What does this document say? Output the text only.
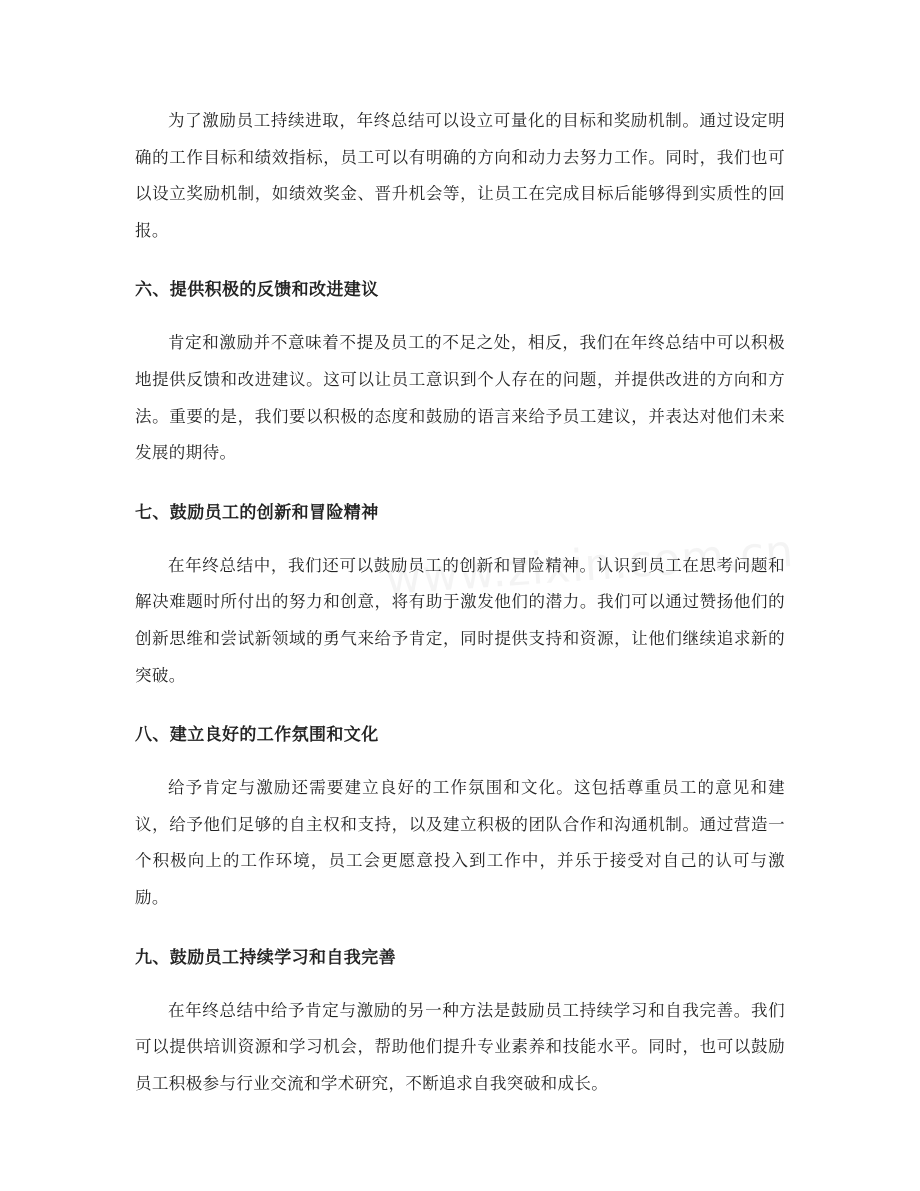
为了激励员工持续进取，年终总结可以设立可量化的目标和奖励机制。通过设定明确的工作目标和绩效指标，员工可以有明确的方向和动力去努力工作。同时，我们也可以设立奖励机制，如绩效奖金、晋升机会等，让员工在完成目标后能够得到实质性的回报。

六、提供积极的反馈和改进建议

肯定和激励并不意味着不提及员工的不足之处，相反，我们在年终总结中可以积极地提供反馈和改进建议。这可以让员工意识到个人存在的问题，并提供改进的方向和方法。重要的是，我们要以积极的态度和鼓励的语言来给予员工建议，并表达对他们未来发展的期待。

七、鼓励员工的创新和冒险精神

在年终总结中，我们还可以鼓励员工的创新和冒险精神。认识到员工在思考问题和解决难题时所付出的努力和创意，将有助于激发他们的潜力。我们可以通过赞扬他们的创新思维和尝试新领域的勇气来给予肯定，同时提供支持和资源，让他们继续追求新的突破。

八、建立良好的工作氛围和文化

给予肯定与激励还需要建立良好的工作氛围和文化。这包括尊重员工的意见和建议，给予他们足够的自主权和支持，以及建立积极的团队合作和沟通机制。通过营造一个积极向上的工作环境，员工会更愿意投入到工作中，并乐于接受对自己的认可与激励。

九、鼓励员工持续学习和自我完善

在年终总结中给予肯定与激励的另一种方法是鼓励员工持续学习和自我完善。我们可以提供培训资源和学习机会，帮助他们提升专业素养和技能水平。同时，也可以鼓励员工积极参与行业交流和学术研究，不断追求自我突破和成长。
